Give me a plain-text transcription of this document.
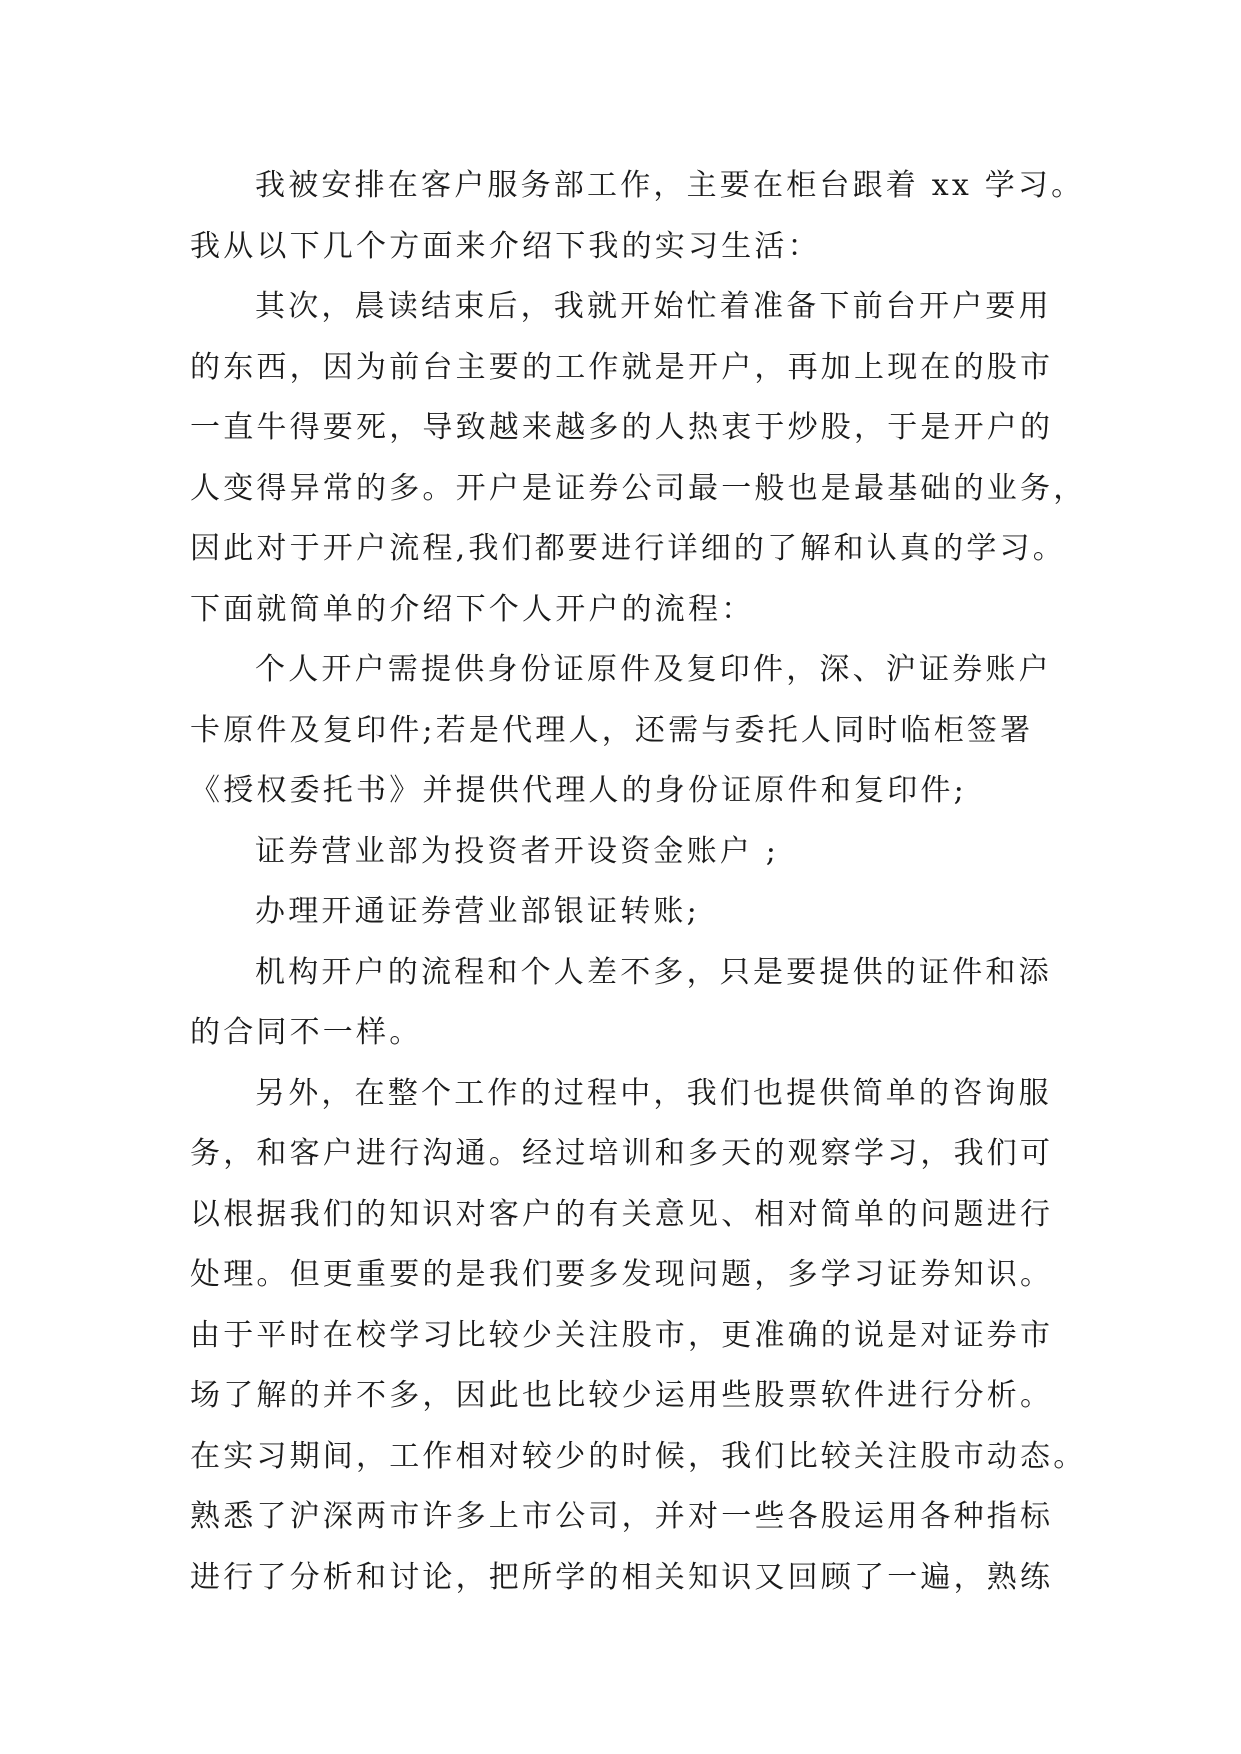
我被安排在客户服务部工作，主要在柜台跟着 xx 学习。
我从以下几个方面来介绍下我的实习生活：
其次，晨读结束后，我就开始忙着准备下前台开户要用
的东西，因为前台主要的工作就是开户，再加上现在的股市
一直牛得要死，导致越来越多的人热衷于炒股，于是开户的
人变得异常的多。开户是证券公司最一般也是最基础的业务，
因此对于开户流程,我们都要进行详细的了解和认真的学习。
下面就简单的介绍下个人开户的流程：
个人开户需提供身份证原件及复印件，深、沪证券账户
卡原件及复印件;若是代理人，还需与委托人同时临柜签署
《授权委托书》并提供代理人的身份证原件和复印件;
证券营业部为投资者开设资金账户 ;
办理开通证券营业部银证转账;
机构开户的流程和个人差不多，只是要提供的证件和添
的合同不一样。
另外，在整个工作的过程中，我们也提供简单的咨询服
务，和客户进行沟通。经过培训和多天的观察学习，我们可
以根据我们的知识对客户的有关意见、相对简单的问题进行
处理。但更重要的是我们要多发现问题，多学习证券知识。
由于平时在校学习比较少关注股市，更准确的说是对证券市
场了解的并不多，因此也比较少运用些股票软件进行分析。
在实习期间，工作相对较少的时候，我们比较关注股市动态。
熟悉了沪深两市许多上市公司，并对一些各股运用各种指标
进行了分析和讨论，把所学的相关知识又回顾了一遍，熟练
